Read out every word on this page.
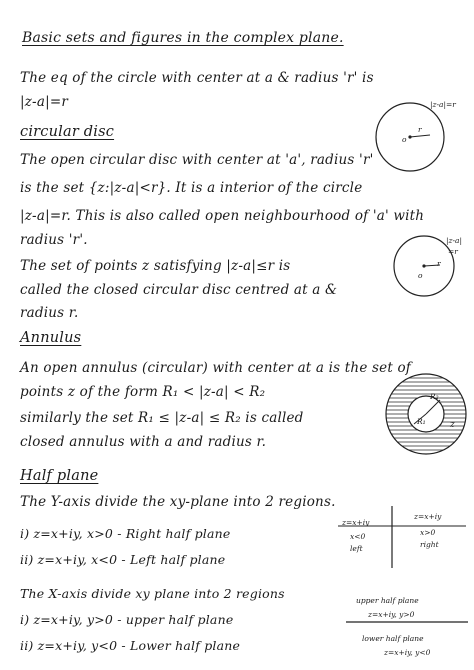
Basic sets and figures in the complex plane.
The eq of the circle with center at a & radius 'r' is
|z-a|=r	|z-a|=r
r
o
circular disc
The open circular disc with center at 'a', radius 'r'
is the set {z:|z-a|<r}. It is a interior of the circle
|z-a|=r. This is also called open neighbourhood of 'a' with
radius 'r'.
The set of points z satisfying |z-a|≤r is
called the closed circular disc centred at a &
radius r.
|z-a|
=r
r
o
Annulus
An open annulus (circular) with center at a is the set of
points z of the form R₁ < |z-a| < R₂
similarly the set R₁ ≤ |z-a| ≤ R₂ is called
closed annulus with a and radius r.
R₂
R₁	z
Half plane
The Y-axis divide the xy-plane into 2 regions.
i) z=x+iy, x>0 - Right half plane
ii) z=x+iy, x<0 - Left half plane
The X-axis divide xy plane into 2 regions
i) z=x+iy, y>0 - upper half plane
ii) z=x+iy, y<0 - Lower half plane
z=x+iy
x<0
left
z=x+iy
x>0
right
upper half plane
z=x+iy, y>0
lower half plane
z=x+iy, y<0
